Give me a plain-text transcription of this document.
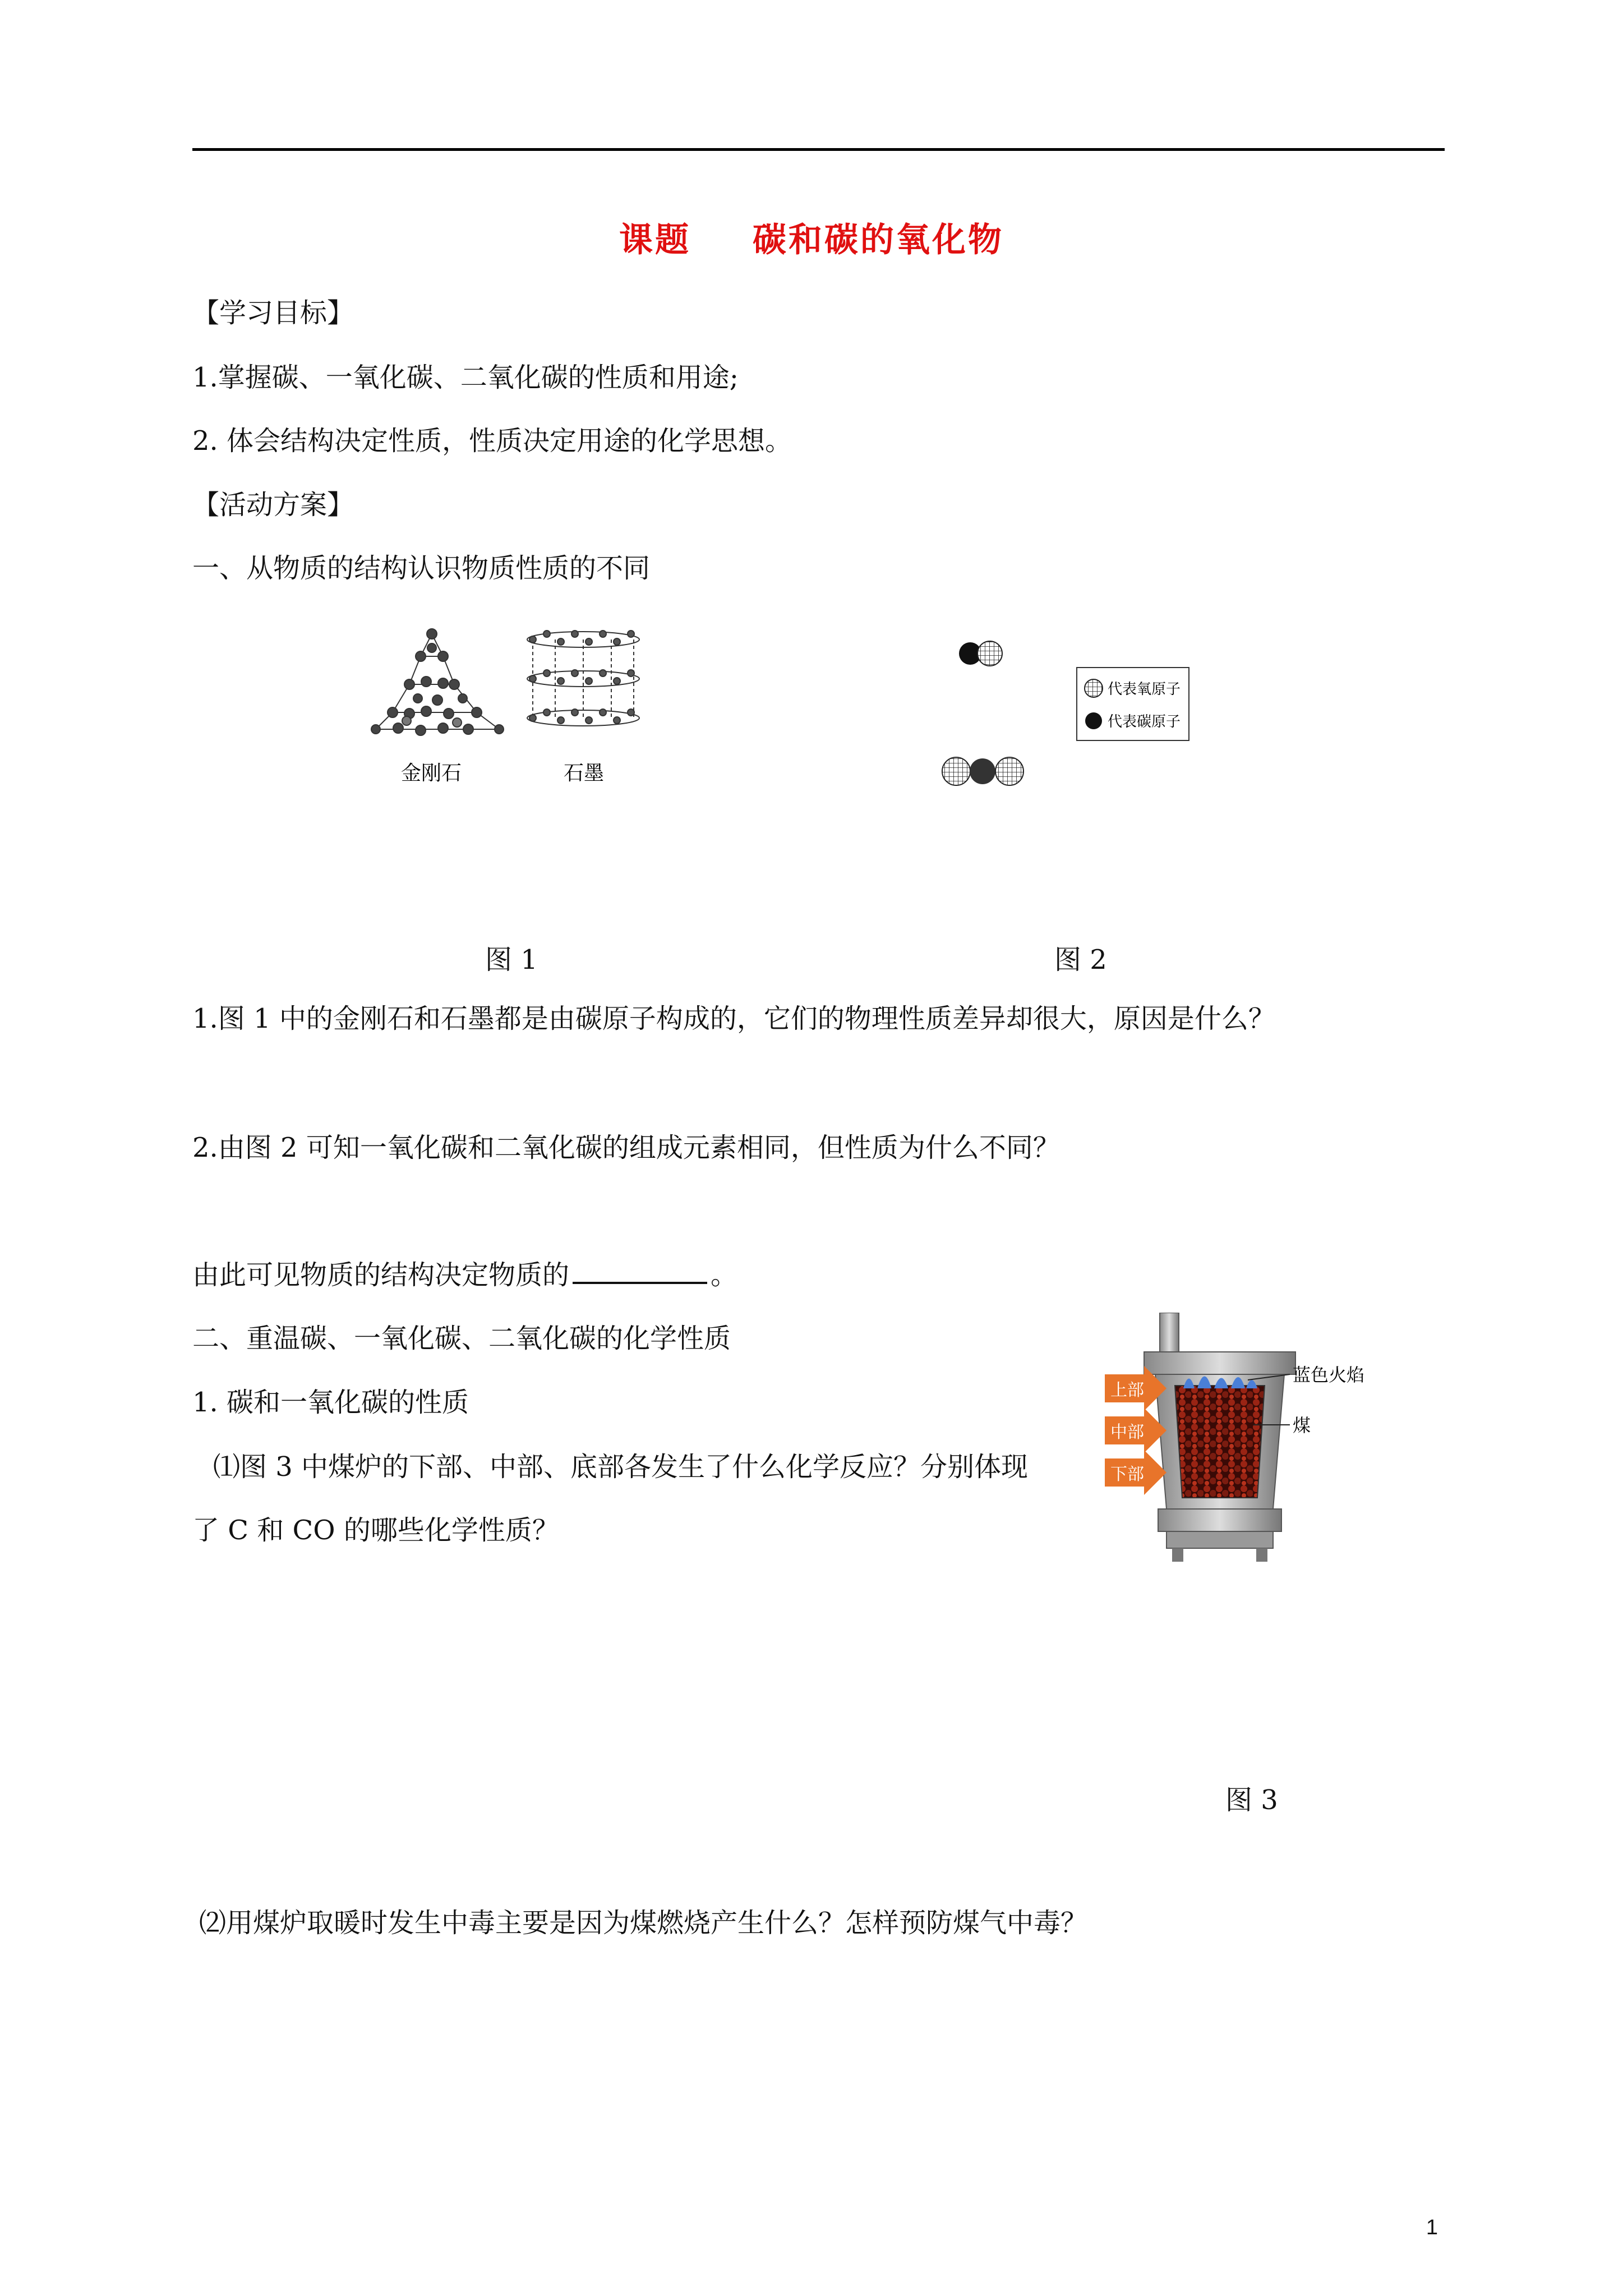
课题 碳和碳的氧化物
【学习目标】
1.掌握碳、一氧化碳、二氧化碳的性质和用途;
2. 体会结构决定性质，性质决定用途的化学思想。
【活动方案】
一、从物质的结构认识物质性质的不同
金刚石	石墨
代表氧原子
代表碳原子
图 1	图 2
1.图 1 中的金刚石和石墨都是由碳原子构成的，它们的物理性质差异却很大，原因是什么？
2.由图 2 可知一氧化碳和二氧化碳的组成元素相同，但性质为什么不同？
由此可见物质的结构决定物质的	。
二、重温碳、一氧化碳、二氧化碳的化学性质
1. 碳和一氧化碳的性质
⑴图 3 中煤炉的下部、中部、底部各发生了什么化学反应？分别体现
了 C 和 CO 的哪些化学性质？
上部
中部
下部
蓝色火焰
煤
图 3
⑵用煤炉取暖时发生中毒主要是因为煤燃烧产生什么？怎样预防煤气中毒？
1
